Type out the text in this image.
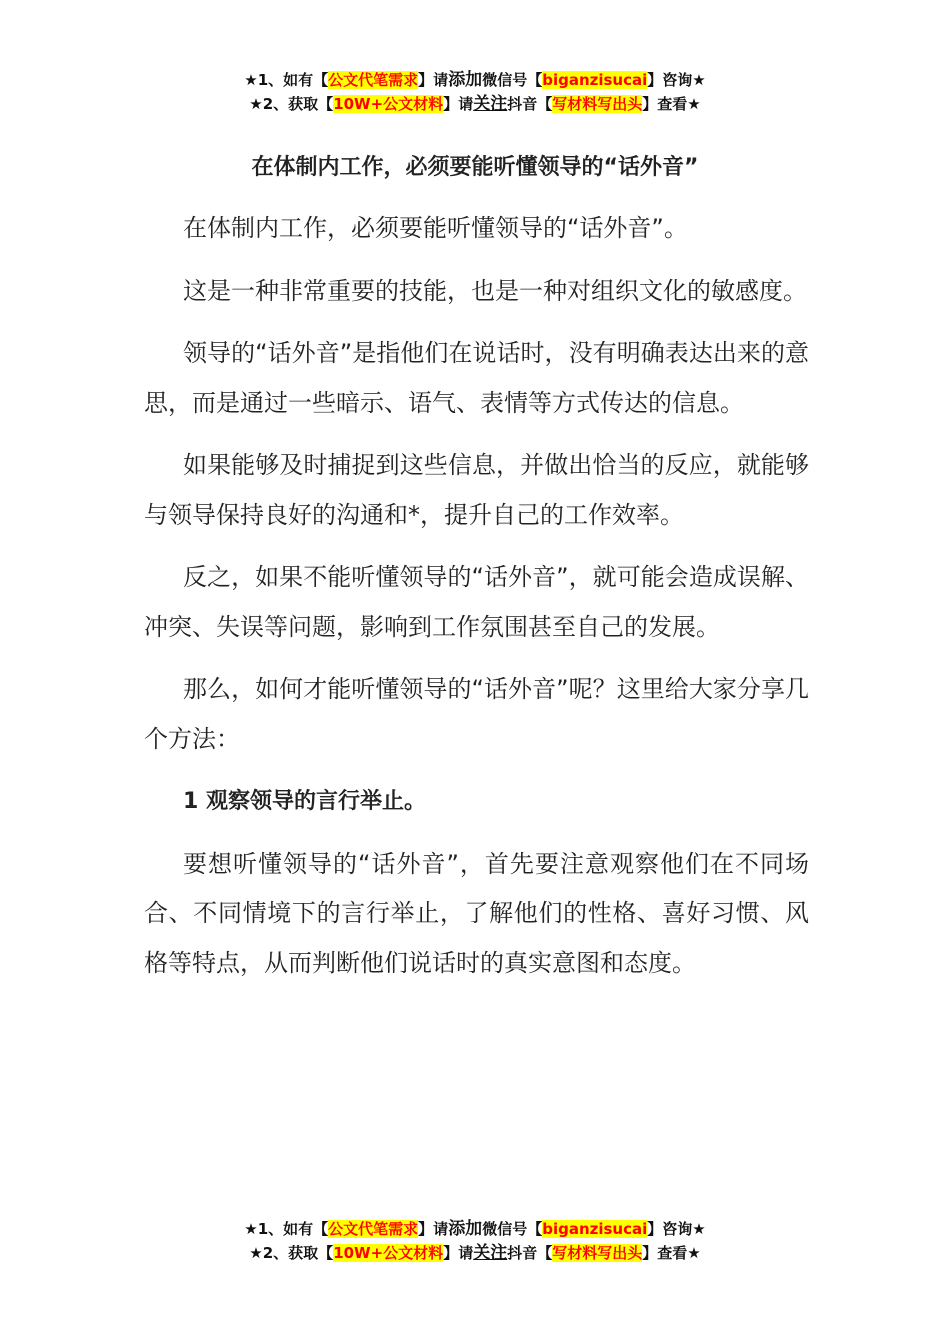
★1、如有【公文代笔需求】请添加微信号【biganzisucai】咨询★
★2、获取【10W+公文材料】请关注抖音【写材料写出头】查看★
在体制内工作，必须要能听懂领导的“话外音”

在体制内工作，必须要能听懂领导的“话外音”。

这是一种非常重要的技能，也是一种对组织文化的敏感度。

领导的“话外音”是指他们在说话时，没有明确表达出来的意思，而是通过一些暗示、语气、表情等方式传达的信息。

如果能够及时捕捉到这些信息，并做出恰当的反应，就能够与领导保持良好的沟通和*，提升自己的工作效率。

反之，如果不能听懂领导的“话外音”，就可能会造成误解、冲突、失误等问题，影响到工作氛围甚至自己的发展。

那么，如何才能听懂领导的“话外音”呢？这里给大家分享几个方法：

1 观察领导的言行举止。

要想听懂领导的“话外音”，首先要注意观察他们在不同场合、不同情境下的言行举止，了解他们的性格、喜好习惯、风格等特点，从而判断他们说话时的真实意图和态度。

★1、如有【公文代笔需求】请添加微信号【biganzisucai】咨询★
★2、获取【10W+公文材料】请关注抖音【写材料写出头】查看★
